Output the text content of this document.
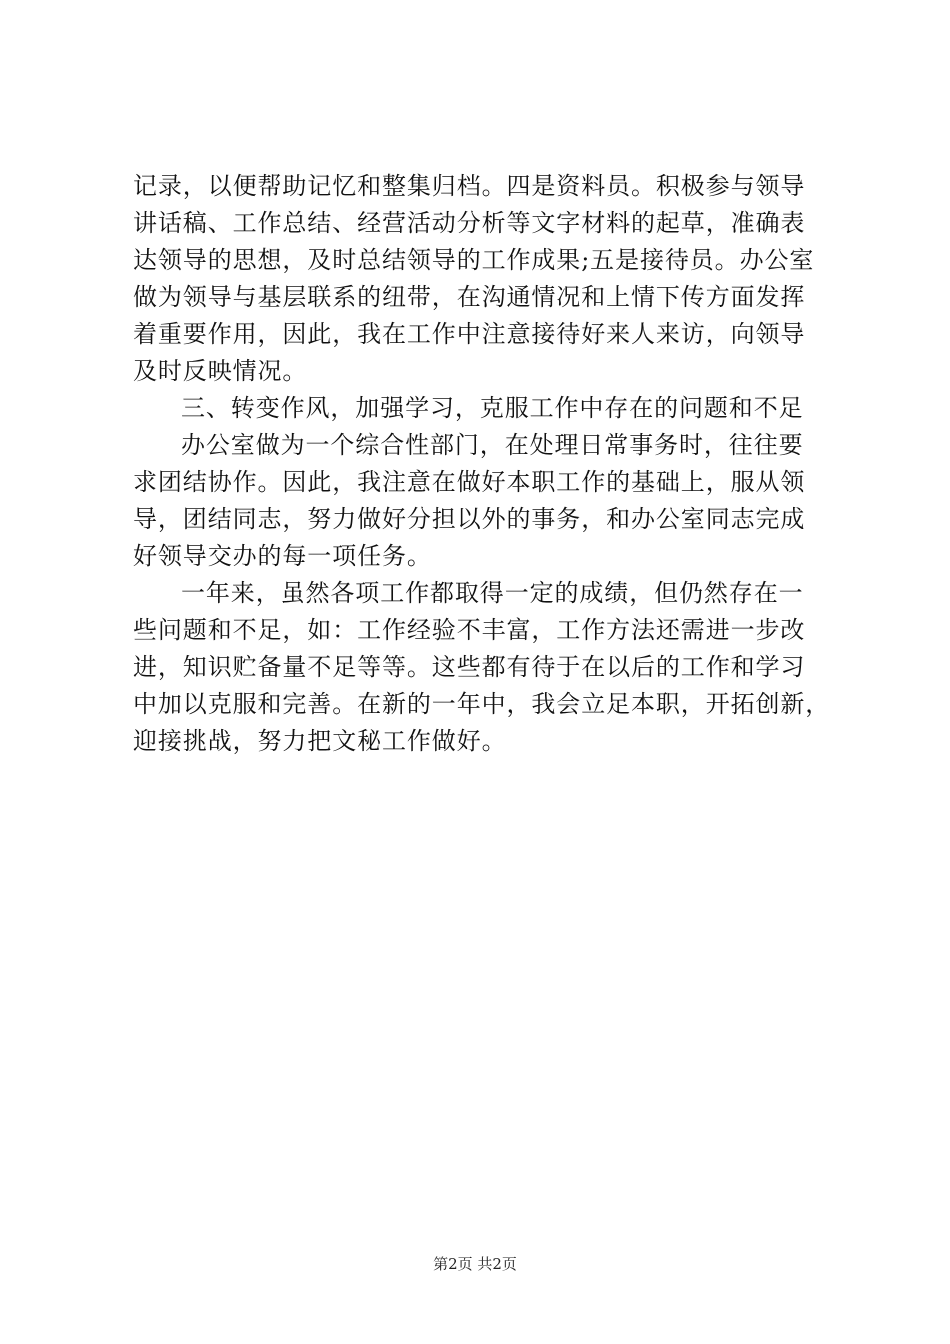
记录，以便帮助记忆和整集归档。四是资料员。积极参与领导
讲话稿、工作总结、经营活动分析等文字材料的起草，准确表
达领导的思想，及时总结领导的工作成果;五是接待员。办公室
做为领导与基层联系的纽带，在沟通情况和上情下传方面发挥
着重要作用，因此，我在工作中注意接待好来人来访，向领导
及时反映情况。
三、转变作风，加强学习，克服工作中存在的问题和不足
办公室做为一个综合性部门，在处理日常事务时，往往要
求团结协作。因此，我注意在做好本职工作的基础上，服从领
导，团结同志，努力做好分担以外的事务，和办公室同志完成
好领导交办的每一项任务。
一年来，虽然各项工作都取得一定的成绩，但仍然存在一
些问题和不足，如：工作经验不丰富，工作方法还需进一步改
进，知识贮备量不足等等。这些都有待于在以后的工作和学习
中加以克服和完善。在新的一年中，我会立足本职，开拓创新，
迎接挑战，努力把文秘工作做好。
第2页 共2页
